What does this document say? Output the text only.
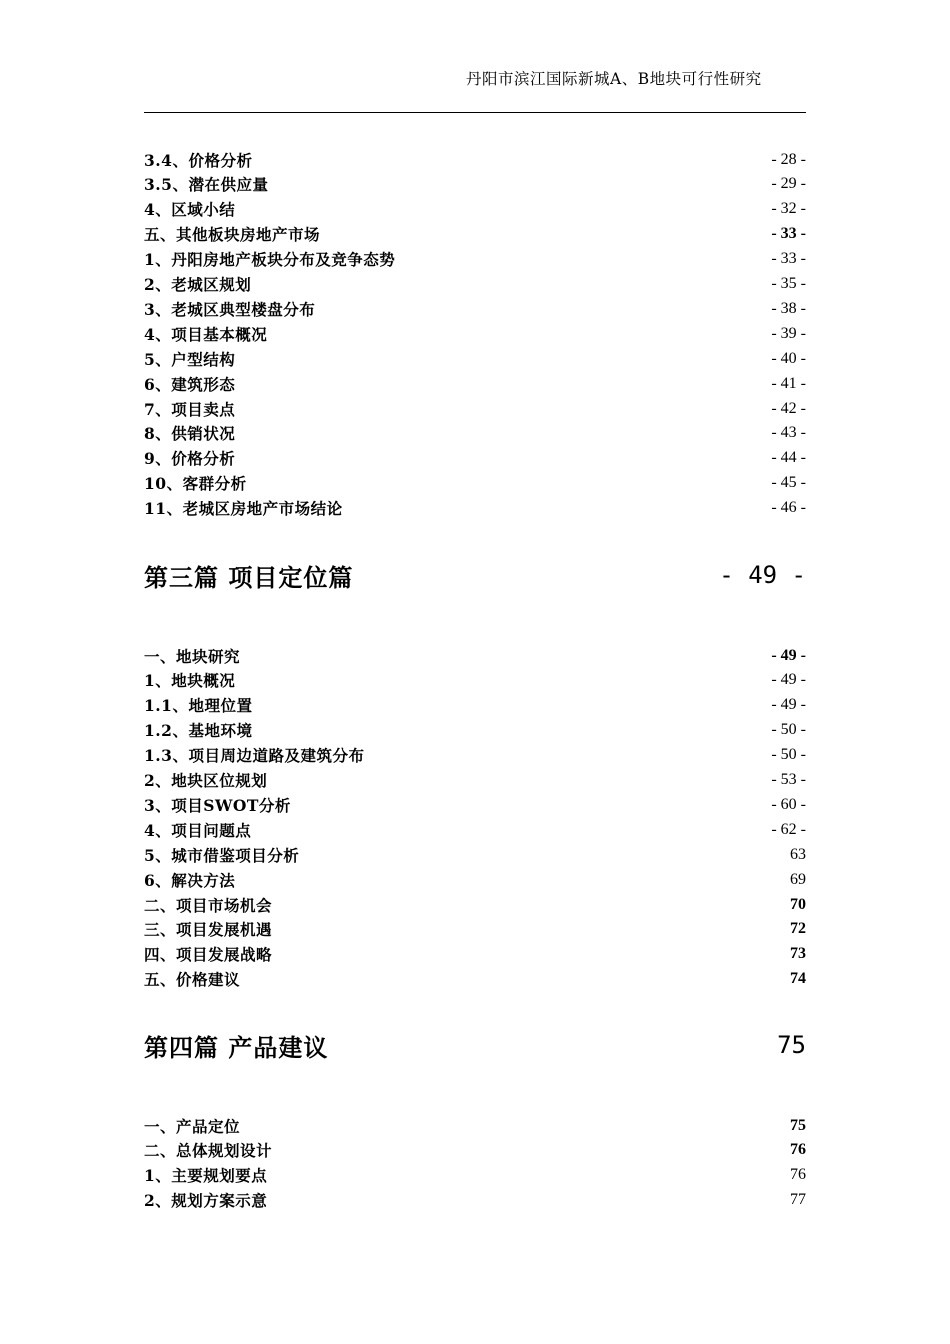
丹阳市滨江国际新城A、B地块可行性研究
3.4、价格分析	- 28 -
3.5、潜在供应量	- 29 -
4、区域小结	- 32 -
五、其他板块房地产市场	- 33 -
1、丹阳房地产板块分布及竞争态势	- 33 -
2、老城区规划	- 35 -
3、老城区典型楼盘分布	- 38 -
4、项目基本概况	- 39 -
5、户型结构	- 40 -
6、建筑形态	- 41 -
7、项目卖点	- 42 -
8、供销状况	- 43 -
9、价格分析	- 44 -
10、客群分析	- 45 -
11、老城区房地产市场结论	- 46 -
第三篇 项目定位篇	- 49 -
一、地块研究	- 49 -
1、地块概况	- 49 -
1.1、地理位置	- 49 -
1.2、基地环境	- 50 -
1.3、项目周边道路及建筑分布	- 50 -
2、地块区位规划	- 53 -
3、项目SWOT分析	- 60 -
4、项目问题点	- 62 -
5、城市借鉴项目分析	63
6、解决方法	69
二、项目市场机会	70
三、项目发展机遇	72
四、项目发展战略	73
五、价格建议	74
第四篇 产品建议	75
一、产品定位	75
二、总体规划设计	76
1、主要规划要点	76
2、规划方案示意	77
